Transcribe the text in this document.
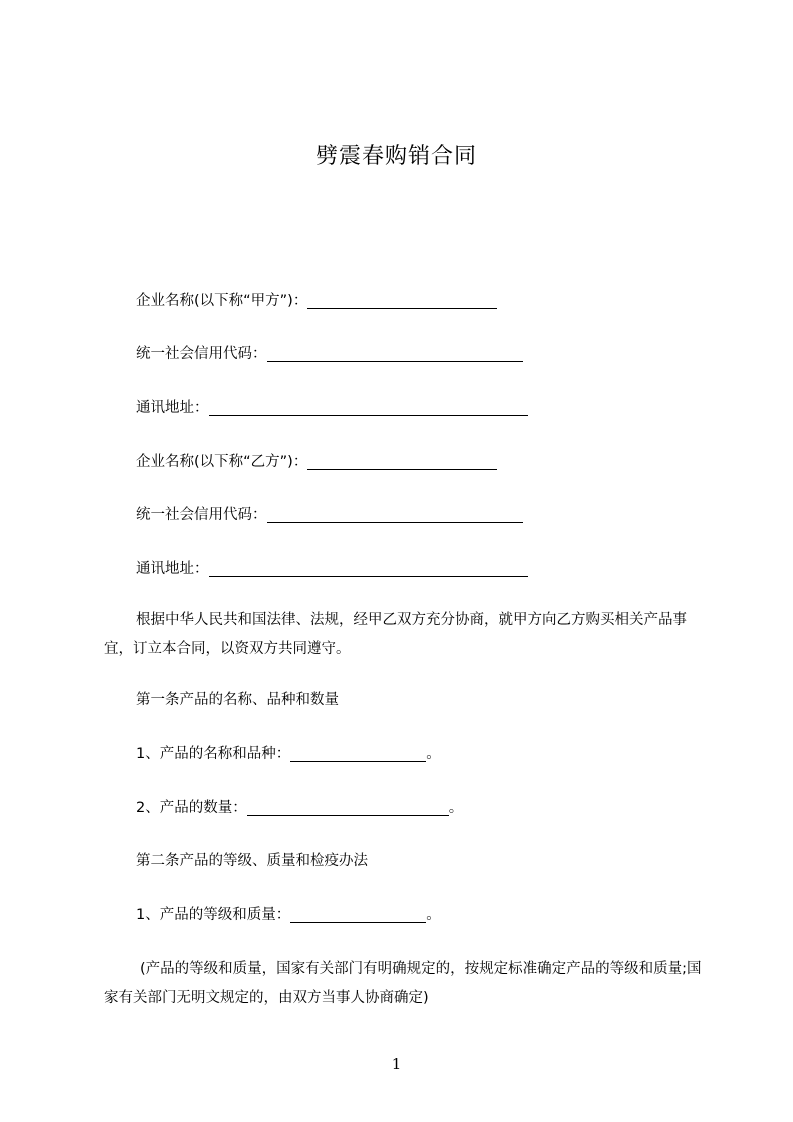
劈震春购销合同
企业名称(以下称“甲方”)：
统一社会信用代码：
通讯地址：
企业名称(以下称“乙方”)：
统一社会信用代码：
通讯地址：

根据中华人民共和国法律、法规，经甲乙双方充分协商，就甲方向乙方购买相关产品事宜，订立本合同，以资双方共同遵守。

第一条产品的名称、品种和数量
1、产品的名称和品种：	。
2、产品的数量：	。
第二条产品的等级、质量和检疫办法
1、产品的等级和质量：	。

(产品的等级和质量，国家有关部门有明确规定的，按规定标准确定产品的等级和质量;国家有关部门无明文规定的，由双方当事人协商确定)

1
